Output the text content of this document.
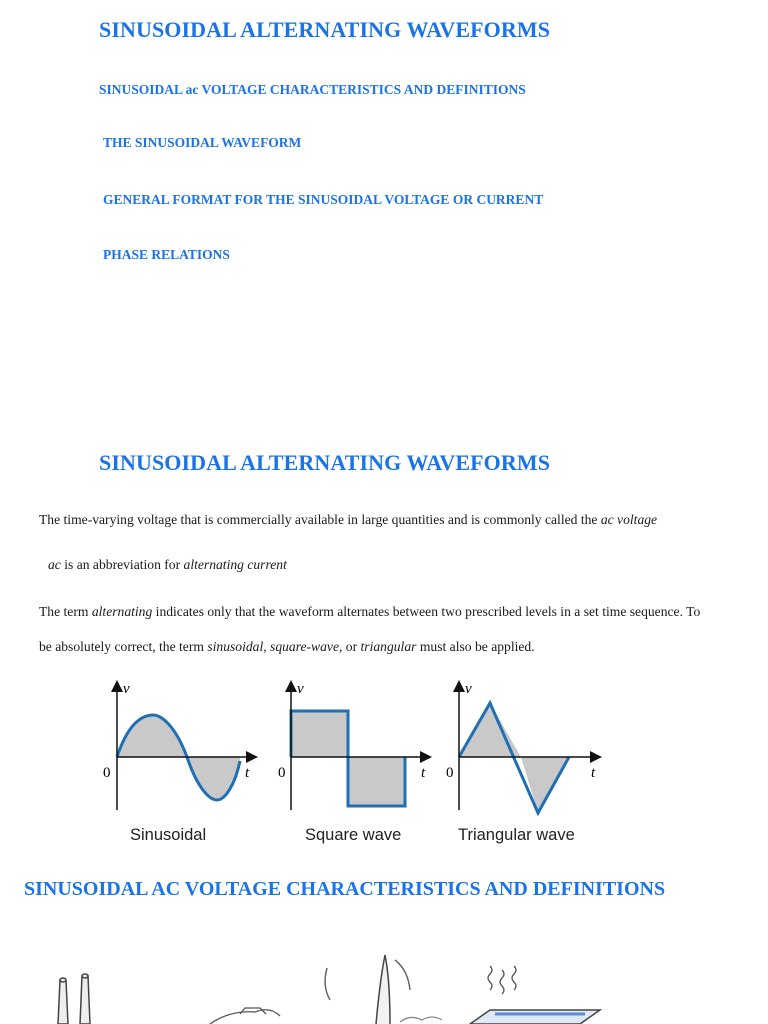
SINUSOIDAL ALTERNATING WAVEFORMS
SINUSOIDAL ac VOLTAGE CHARACTERISTICS AND DEFINITIONS
THE SINUSOIDAL WAVEFORM
GENERAL FORMAT FOR THE SINUSOIDAL VOLTAGE OR CURRENT
PHASE RELATIONS
SINUSOIDAL ALTERNATING WAVEFORMS
The time-varying voltage that is commercially available in large quantities and is commonly called the ac voltage
ac is an abbreviation for alternating current
The term alternating indicates only that the waveform alternates between two prescribed levels in a set time sequence. To
be absolutely correct, the term sinusoidal, square-wave, or triangular must also be applied.
v
t
0
v
t
0
v
t
0
Sinusoidal	Square wave	Triangular wave
SINUSOIDAL AC VOLTAGE CHARACTERISTICS AND DEFINITIONS
